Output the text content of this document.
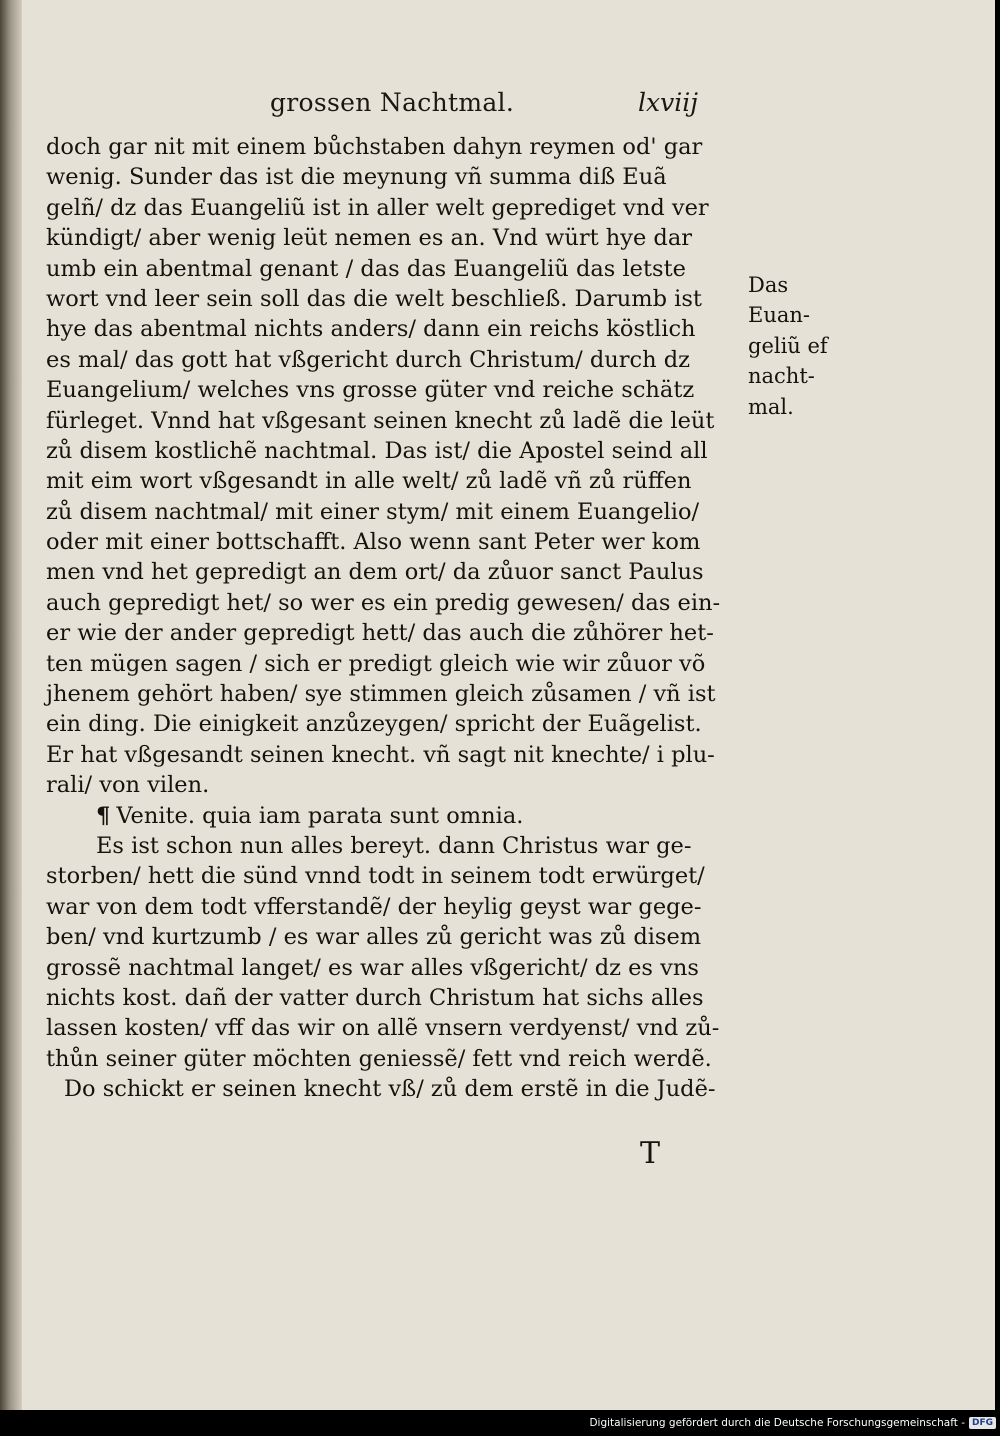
grossen Nachtmal.	lxviij
doch gar nit mit einem bůchstaben dahyn reymen od' gar
wenig. Sunder das ist die meynung vñ summa diß Euã
gelñ/ dz das Euangeliũ ist in aller welt geprediget vnd ver
kündigt/ aber wenig leüt nemen es an. Vnd würt hye dar
umb ein abentmal genant / das das Euangeliũ das letste
wort vnd leer sein soll das die welt beschließ. Darumb ist
hye das abentmal nichts anders/ dann ein reichs köstlich
es mal/ das gott hat vßgericht durch Christum/ durch dz
Euangelium/ welches vns grosse güter vnd reiche schätz
fürleget. Vnnd hat vßgesant seinen knecht zů ladẽ die leüt
zů disem kostlichẽ nachtmal. Das ist/ die Apostel seind all
mit eim wort vßgesandt in alle welt/ zů ladẽ vñ zů rüffen
zů disem nachtmal/ mit einer stym/ mit einem Euangelio/
oder mit einer bottschafft. Also wenn sant Peter wer kom
men vnd het gepredigt an dem ort/ da zůuor sanct Paulus
auch gepredigt het/ so wer es ein predig gewesen/ das ein-
er wie der ander gepredigt hett/ das auch die zůhörer het-
ten mügen sagen / sich er predigt gleich wie wir zůuor võ
jhenem gehört haben/ sye stimmen gleich zůsamen / vñ ist
ein ding. Die einigkeit anzůzeygen/ spricht der Euãgelist.
Er hat vßgesandt seinen knecht. vñ sagt nit knechte/ i plu-
rali/ von vilen.
¶ Venite. quia iam parata sunt omnia.
Es ist schon nun alles bereyt. dann Christus war ge-
storben/ hett die sünd vnnd todt in seinem todt erwürget/
war von dem todt vfferstandẽ/ der heylig geyst war gege-
ben/ vnd kurtzumb / es war alles zů gericht was zů disem
grossẽ nachtmal langet/ es war alles vßgericht/ dz es vns
nichts kost. dañ der vatter durch Christum hat sichs alles
lassen kosten/ vff das wir on allẽ vnsern verdyenst/ vnd zů-
thůn seiner güter möchten geniessẽ/ fett vnd reich werdẽ.
Do schickt er seinen knecht vß/ zů dem erstẽ in die Judẽ-
Das
Euan-
geliũ ef
nacht-
mal.
T
Digitalisierung gefördert durch die Deutsche Forschungsgemeinschaft - DFG
